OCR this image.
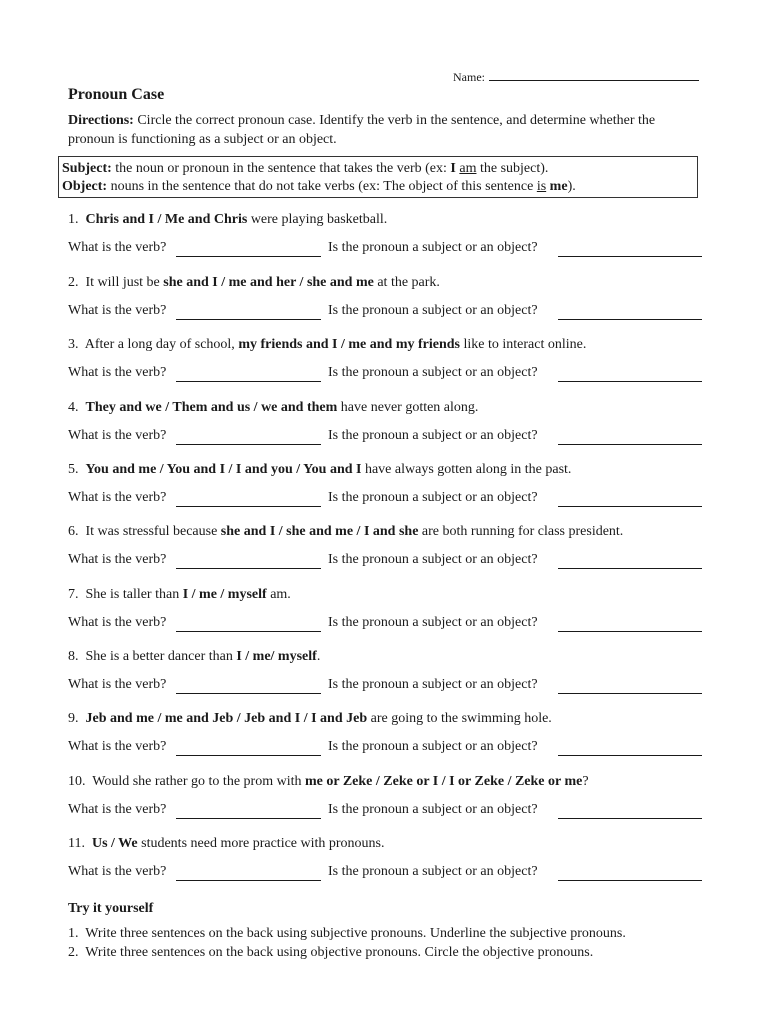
Name:
Pronoun Case
Directions: Circle the correct pronoun case. Identify the verb in the sentence, and determine whether the pronoun is functioning as a subject or an object.
Subject: the noun or pronoun in the sentence that takes the verb (ex: I am the subject).
Object: nouns in the sentence that do not take verbs (ex: The object of this sentence is me).
1. Chris and I / Me and Chris were playing basketball.
What is the verb?	Is the pronoun a subject or an object?
2. It will just be she and I / me and her / she and me at the park.
What is the verb?	Is the pronoun a subject or an object?
3. After a long day of school, my friends and I / me and my friends like to interact online.
What is the verb?	Is the pronoun a subject or an object?
4. They and we / Them and us / we and them have never gotten along.
What is the verb?	Is the pronoun a subject or an object?
5. You and me / You and I / I and you / You and I have always gotten along in the past.
What is the verb?	Is the pronoun a subject or an object?
6. It was stressful because she and I / she and me / I and she are both running for class president.
What is the verb?	Is the pronoun a subject or an object?
7. She is taller than I / me / myself am.
What is the verb?	Is the pronoun a subject or an object?
8. She is a better dancer than I / me/ myself.
What is the verb?	Is the pronoun a subject or an object?
9. Jeb and me / me and Jeb / Jeb and I / I and Jeb are going to the swimming hole.
What is the verb?	Is the pronoun a subject or an object?
10.  Would she rather go to the prom with me or Zeke / Zeke or I / I or Zeke / Zeke or me?
What is the verb?	Is the pronoun a subject or an object?
11. Us / We students need more practice with pronouns.
What is the verb?	Is the pronoun a subject or an object?
Try it yourself
1. Write three sentences on the back using subjective pronouns. Underline the subjective pronouns.
2. Write three sentences on the back using objective pronouns. Circle the objective pronouns.
